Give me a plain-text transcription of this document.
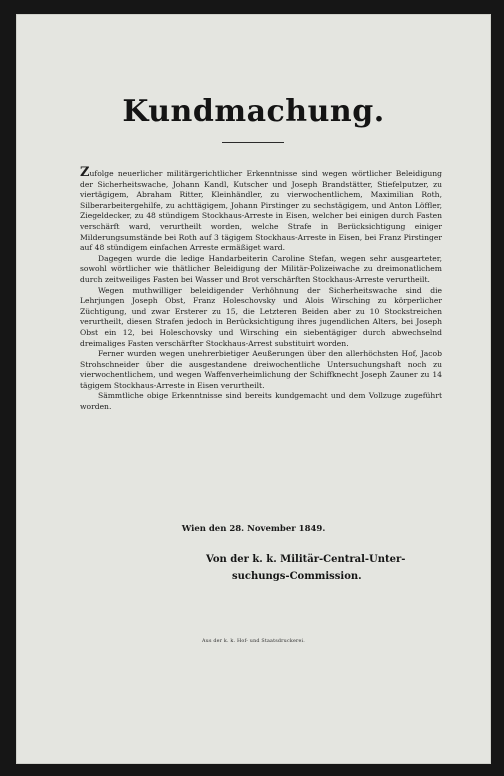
Kundmachung.

Zufolge neuerlicher militärgerichtlicher Erkenntnisse sind wegen wörtlicher Beleidigung der Sicherheitswache, Johann Kandl, Kutscher und Joseph Brandstätter, Stiefelputzer, zu viertägigem, Abraham Ritter, Kleinhändler, zu vierwochentlichem, Maximilian Roth, Silberarbeitergehilfe, zu achttägigem, Johann Pirstinger zu sechstägigem, und Anton Löffler, Ziegeldecker, zu 48 stündigem Stockhaus-Arreste in Eisen, welcher bei einigen durch Fasten verschärft ward, verurtheilt worden, welche Strafe in Berücksichtigung einiger Milderungsumstände bei Roth auf 3 tägigem Stockhaus-Arreste in Eisen, bei Franz Pirstinger auf 48 stündigem einfachen Arreste ermäßiget ward.

Dagegen wurde die ledige Handarbeiterin Caroline Stefan, wegen sehr ausgearteter, sowohl wörtlicher wie thätlicher Beleidigung der Militär-Polizeiwache zu dreimonatlichem durch zeitweiliges Fasten bei Wasser und Brot verschärften Stockhaus-Arreste verurtheilt.

Wegen muthwilliger beleidigender Verhöhnung der Sicherheitswache sind die Lehrjungen Joseph Obst, Franz Holeschovsky und Alois Wirsching zu körperlicher Züchtigung, und zwar Ersterer zu 15, die Letzteren Beiden aber zu 10 Stockstreichen verurtheilt, diesen Strafen jedoch in Berücksichtigung ihres jugendlichen Alters, bei Joseph Obst ein 12, bei Holeschovsky und Wirsching ein siebentägiger durch abwechselnd dreimaliges Fasten verschärfter Stockhaus-Arrest substituirt worden.

Ferner wurden wegen unehrerbietiger Aeußerungen über den allerhöchsten Hof, Jacob Strohschneider über die ausgestandene dreiwochentliche Untersuchungshaft noch zu vierwochentlichem, und wegen Waffenverheimlichung der Schiffknecht Joseph Zauner zu 14 tägigem Stockhaus-Arreste in Eisen verurtheilt.

Sämmtliche obige Erkenntnisse sind bereits kundgemacht und dem Vollzuge zugeführt worden.

Wien den 28. November 1849.
Von der k. k. Militär-Central-Unter-
suchungs-Commission.
Aus der k. k. Hof- und Staatsdruckerei.
